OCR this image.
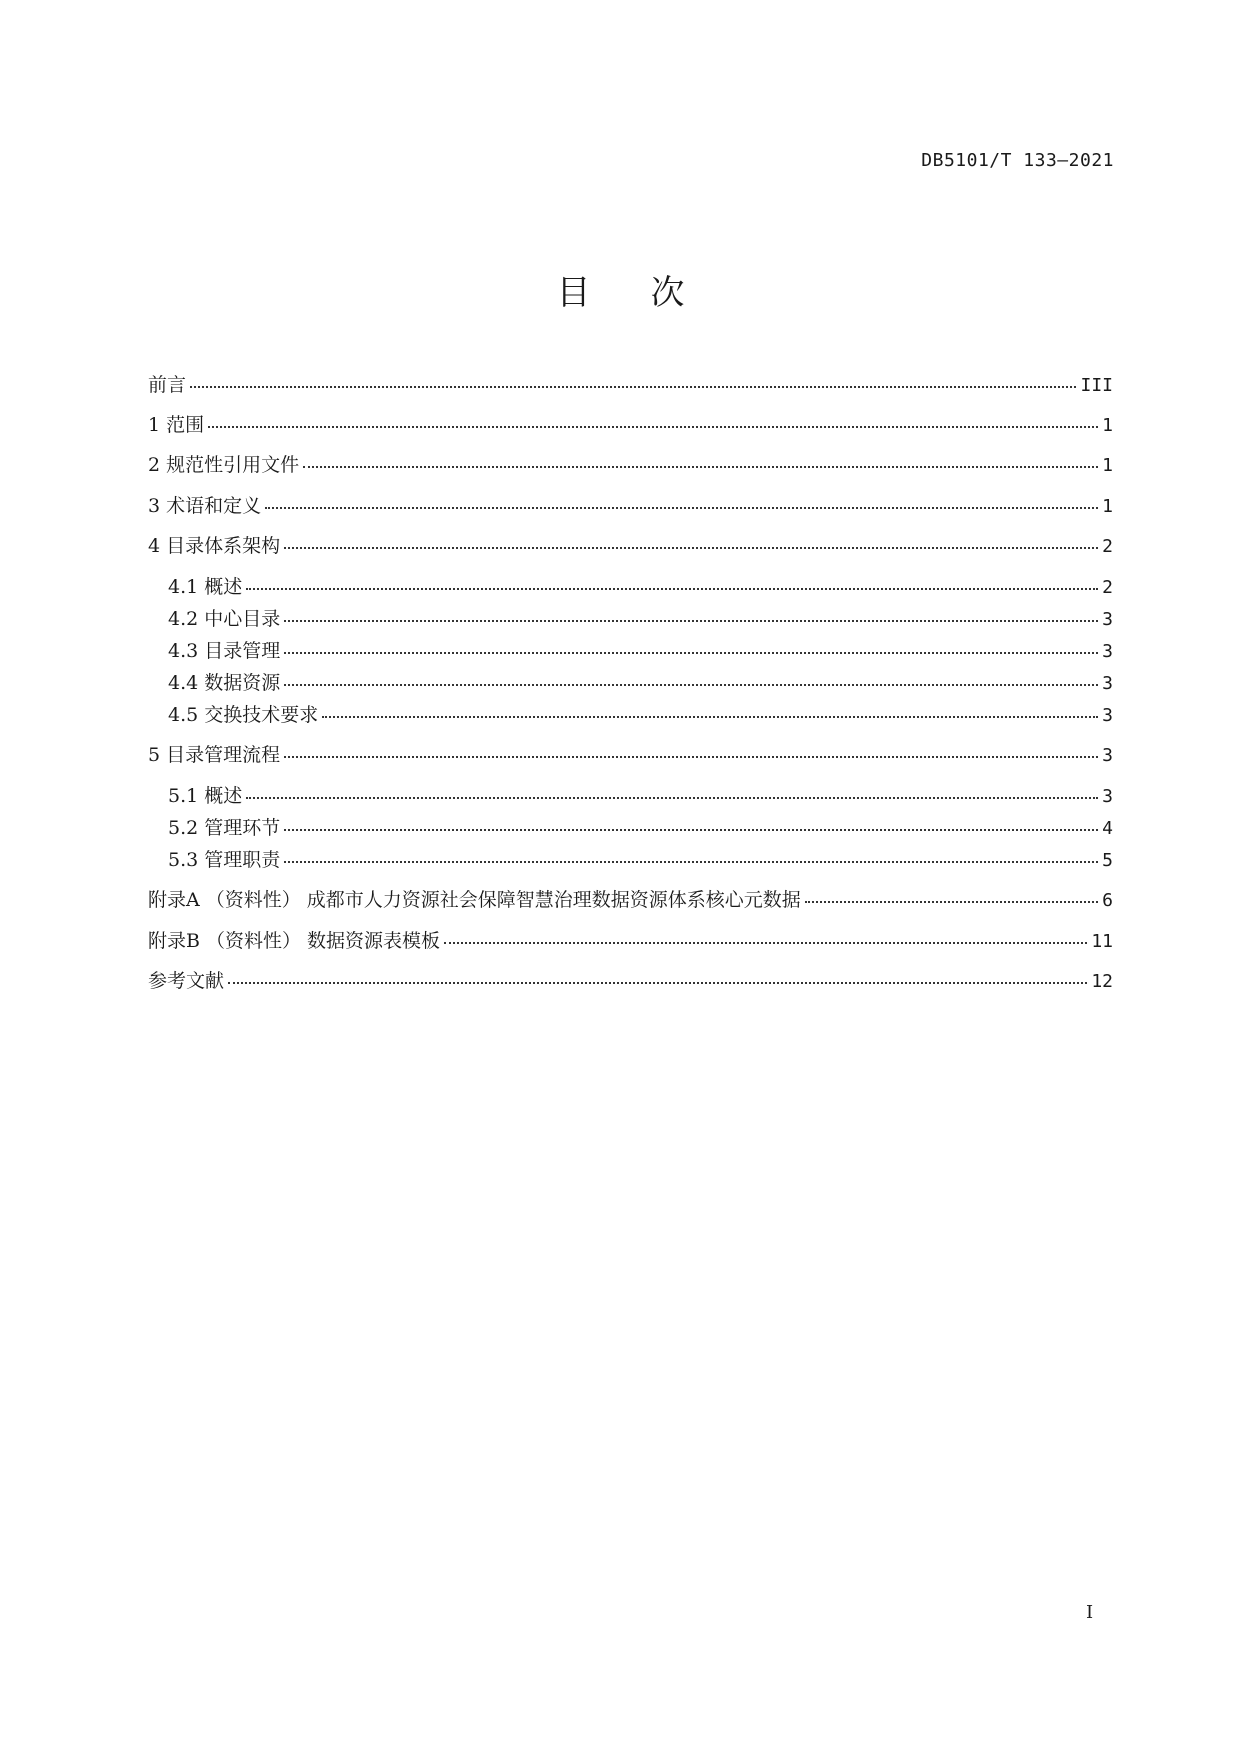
DB5101/T 133—2021
目 次
前言	III
1 范围	1
2 规范性引用文件	1
3 术语和定义	1
4 目录体系架构	2
4.1 概述	2
4.2 中心目录	3
4.3 目录管理	3
4.4 数据资源	3
4.5 交换技术要求	3
5 目录管理流程	3
5.1 概述	3
5.2 管理环节	4
5.3 管理职责	5
附录A （资料性） 成都市人力资源社会保障智慧治理数据资源体系核心元数据	6
附录B （资料性） 数据资源表模板	11
参考文献	12
I
